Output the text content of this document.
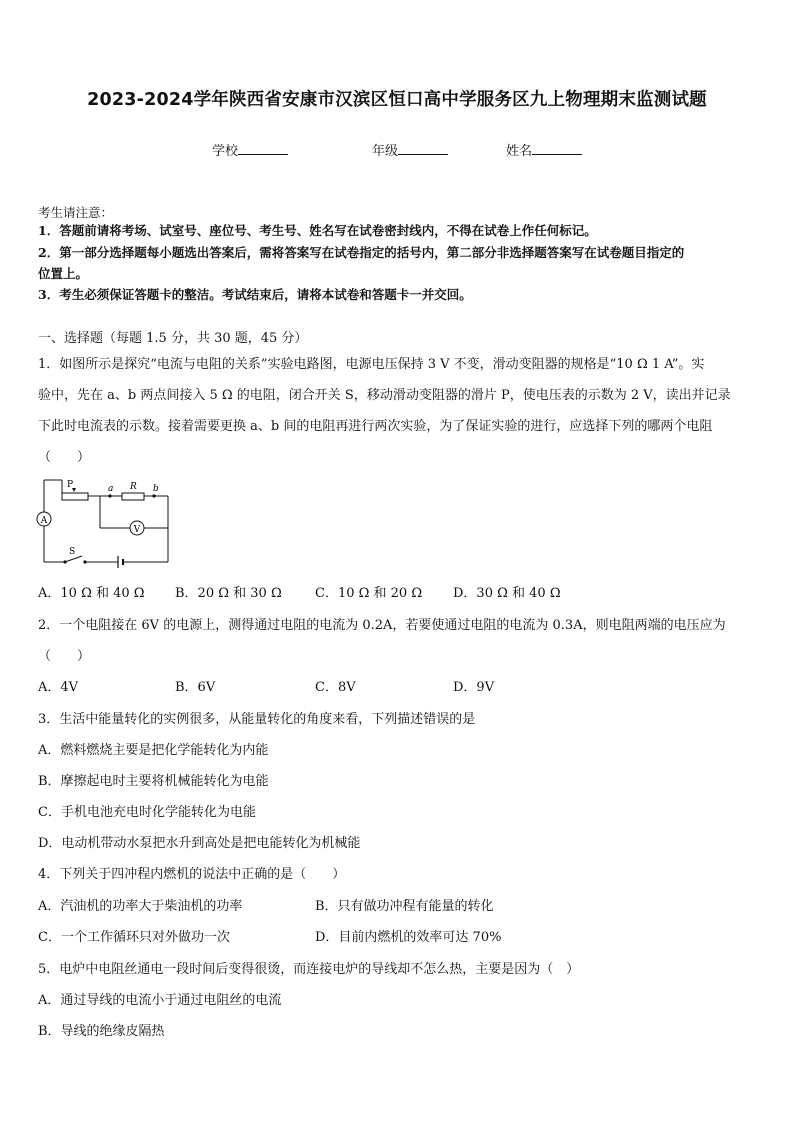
2023-2024学年陕西省安康市汉滨区恒口高中学服务区九上物理期末监测试题
学校	年级	姓名
考生请注意：
1．答题前请将考场、试室号、座位号、考生号、姓名写在试卷密封线内，不得在试卷上作任何标记。
2．第一部分选择题每小题选出答案后，需将答案写在试卷指定的括号内，第二部分非选择题答案写在试卷题目指定的
位置上。
3．考生必须保证答题卡的整洁。考试结束后，请将本试卷和答题卡一并交回。
一、选择题（每题 1.5 分，共 30 题，45 分）
1．如图所示是探究“电流与电阻的关系”实验电路图，电源电压保持 3 V 不变，滑动变阻器的规格是“10 Ω 1 A”。实
验中，先在 a、b 两点间接入 5 Ω 的电阻，闭合开关 S，移动滑动变阻器的滑片 P，使电压表的示数为 2 V，读出并记录
下此时电流表的示数。接着需要更换 a、b 间的电阻再进行两次实验，为了保证实验的进行，应选择下列的哪两个电阻
（　　）
S
A
P	a R b
V
A．10 Ω 和 40 Ω B．20 Ω 和 30 Ω	C．10 Ω 和 20 Ω D．30 Ω 和 40 Ω
2．一个电阻接在 6V 的电源上，测得通过电阻的电流为 0.2A，若要使通过电阻的电流为 0.3A，则电阻两端的电压应为
（　　）
A．4V	B．6V	C．8V	D．9V
3．生活中能量转化的实例很多，从能量转化的角度来看，下列描述错误的是
A．燃料燃烧主要是把化学能转化为内能
B．摩擦起电时主要将机械能转化为电能
C．手机电池充电时化学能转化为电能
D．电动机带动水泵把水升到高处是把电能转化为机械能
4．下列关于四冲程内燃机的说法中正确的是（　　）
A．汽油机的功率大于柴油机的功率	B．只有做功冲程有能量的转化
C．一个工作循环只对外做功一次	D．目前内燃机的效率可达 70%
5．电炉中电阻丝通电一段时间后变得很烫，而连接电炉的导线却不怎么热，主要是因为（　）
A．通过导线的电流小于通过电阻丝的电流
B．导线的绝缘皮隔热
